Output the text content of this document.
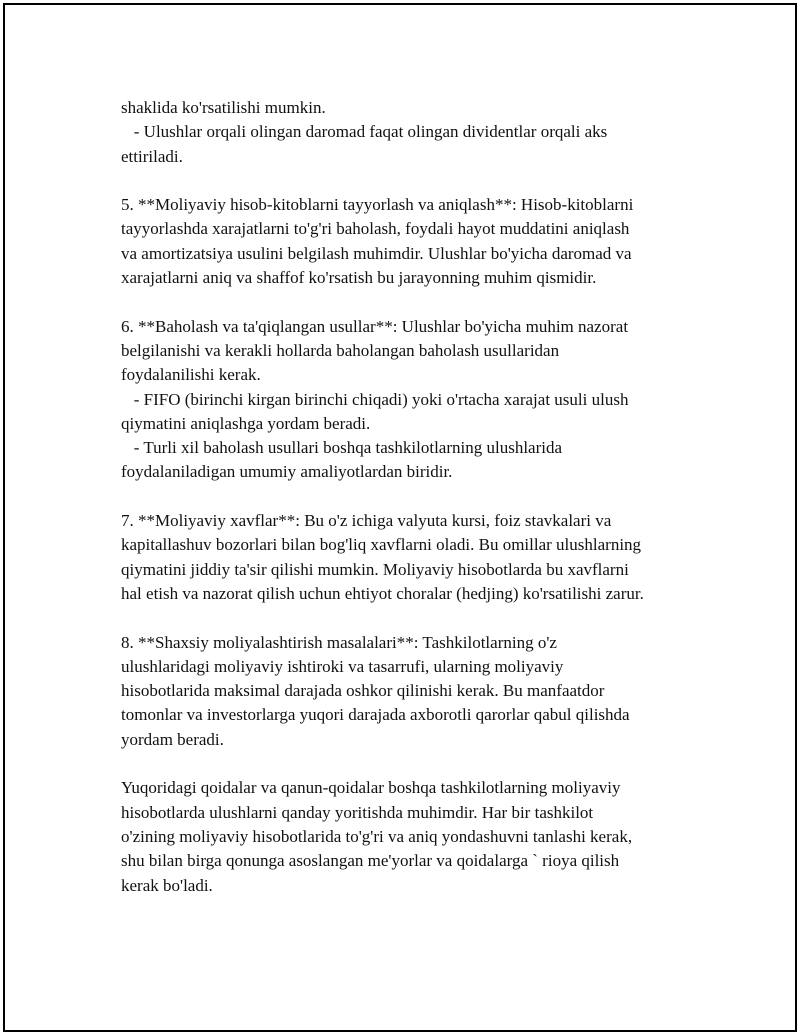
shaklida ko'rsatilishi mumkin.
- Ulushlar orqali olingan daromad faqat olingan dividentlar orqali aks
ettiriladi.
5. **Moliyaviy hisob-kitoblarni tayyorlash va aniqlash**: Hisob-kitoblarni
tayyorlashda xarajatlarni to'g'ri baholash, foydali hayot muddatini aniqlash
va amortizatsiya usulini belgilash muhimdir. Ulushlar bo'yicha daromad va
xarajatlarni aniq va shaffof ko'rsatish bu jarayonning muhim qismidir.
6. **Baholash va ta'qiqlangan usullar**: Ulushlar bo'yicha muhim nazorat
belgilanishi va kerakli hollarda baholangan baholash usullaridan
foydalanilishi kerak.
- FIFO (birinchi kirgan birinchi chiqadi) yoki o'rtacha xarajat usuli ulush
qiymatini aniqlashga yordam beradi.
- Turli xil baholash usullari boshqa tashkilotlarning ulushlarida
foydalaniladigan umumiy amaliyotlardan biridir.
7. **Moliyaviy xavflar**: Bu o'z ichiga valyuta kursi, foiz stavkalari va
kapitallashuv bozorlari bilan bog'liq xavflarni oladi. Bu omillar ulushlarning
qiymatini jiddiy ta'sir qilishi mumkin. Moliyaviy hisobotlarda bu xavflarni
hal etish va nazorat qilish uchun ehtiyot choralar (hedjing) ko'rsatilishi zarur.
8. **Shaxsiy moliyalashtirish masalalari**: Tashkilotlarning o'z
ulushlaridagi moliyaviy ishtiroki va tasarrufi, ularning moliyaviy
hisobotlarida maksimal darajada oshkor qilinishi kerak. Bu manfaatdor
tomonlar va investorlarga yuqori darajada axborotli qarorlar qabul qilishda
yordam beradi.
Yuqoridagi qoidalar va qanun-qoidalar boshqa tashkilotlarning moliyaviy
hisobotlarda ulushlarni qanday yoritishda muhimdir. Har bir tashkilot
o'zining moliyaviy hisobotlarida to'g'ri va aniq yondashuvni tanlashi kerak,
shu bilan birga qonunga asoslangan me'yorlar va qoidalarga ` rioya qilish
kerak bo'ladi.
